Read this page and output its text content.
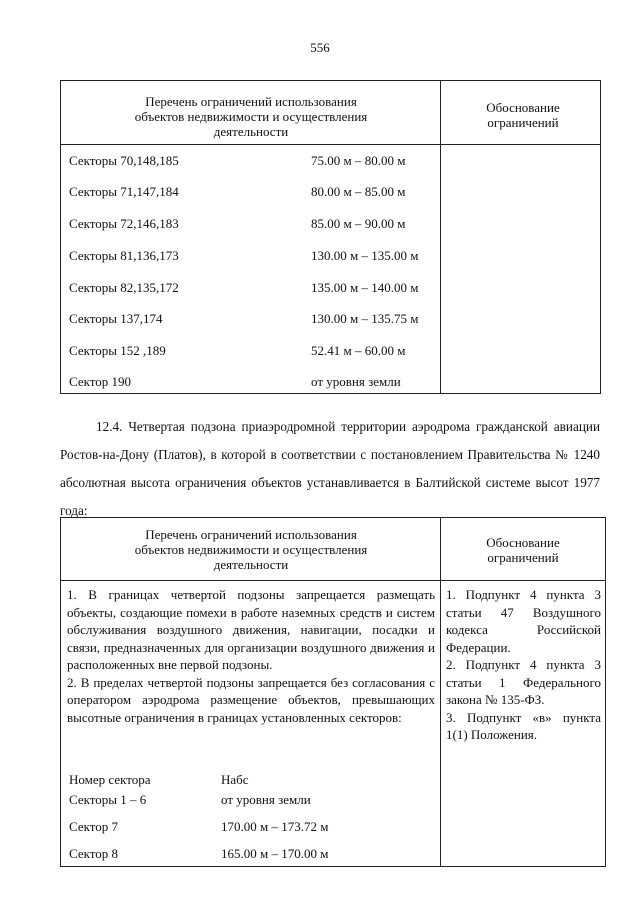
556
Перечень ограничений использования объектов недвижимости и осуществления деятельности
Обоснование ограничений
Секторы 70,148,185	75.00 м – 80.00 м
Секторы 71,147,184	80.00 м – 85.00 м
Секторы 72,146,183	85.00 м – 90.00 м
Секторы 81,136,173	130.00 м – 135.00 м
Секторы 82,135,172	135.00 м – 140.00 м
Секторы 137,174	130.00 м – 135.75 м
Секторы 152 ,189	52.41 м – 60.00 м
Сектор 190	от уровня земли
12.4. Четвертая подзона приаэродромной территории аэродрома гражданской авиации Ростов-на-Дону (Платов), в которой в соответствии с постановлением Правительства № 1240 абсолютная высота ограничения объектов устанавливается в Балтийской системе высот 1977 года:
Перечень ограничений использования объектов недвижимости и осуществления деятельности
Обоснование ограничений

1. В границах четвертой подзоны запрещается размещать объекты, создающие помехи в работе наземных средств и систем обслуживания воздушного движения, навигации, посадки и связи, предназначенных для организации воздушного движения и расположенных вне первой подзоны.

2. В пределах четвертой подзоны запрещается без согласования с оператором аэродрома размещение объектов, превышающих высотные ограничения в границах установленных секторов:

Номер сектора	Набс
Секторы 1 – 6	от уровня земли
Сектор 7	170.00 м – 173.72 м
Сектор 8	165.00 м – 170.00 м

1. Подпункт 4 пункта 3 статьи 47 Воздушного кодекса Российской Федерации.

2. Подпункт 4 пункта 3 статьи 1 Федерального закона № 135-ФЗ.

3. Подпункт «в» пункта 1(1) Положения.
